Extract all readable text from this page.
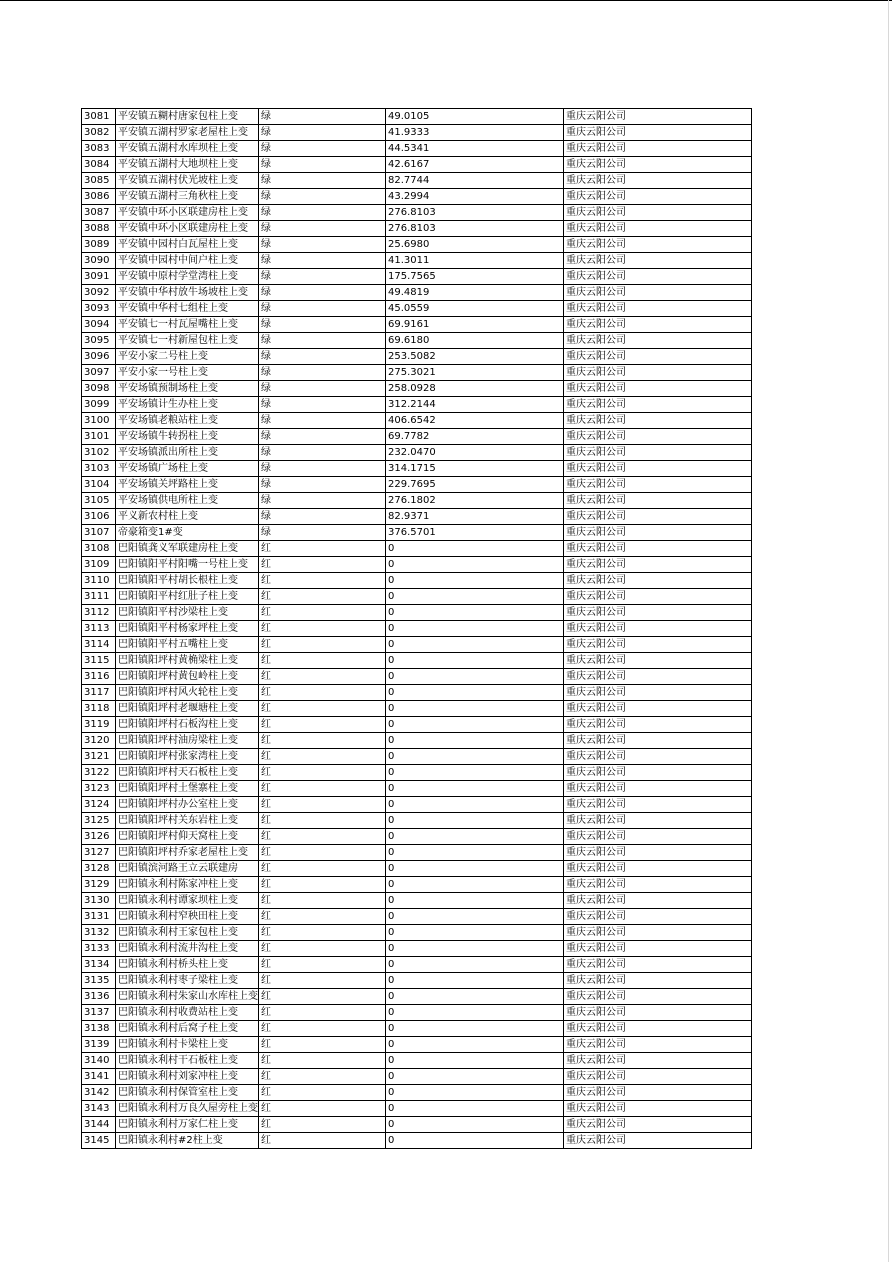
3081	平安镇五糊村唐家包柱上变	绿	49.0105	重庆云阳公司
3082	平安镇五湖村罗家老屋柱上变	绿	41.9333	重庆云阳公司
3083	平安镇五湖村水库坝柱上变	绿	44.5341	重庆云阳公司
3084	平安镇五湖村大地坝柱上变	绿	42.6167	重庆云阳公司
3085	平安镇五湖村伏光坡柱上变	绿	82.7744	重庆云阳公司
3086	平安镇五湖村三角秋柱上变	绿	43.2994	重庆云阳公司
3087	平安镇中环小区联建房柱上变	绿	276.8103	重庆云阳公司
3088	平安镇中环小区联建房柱上变	绿	276.8103	重庆云阳公司
3089	平安镇中园村白瓦屋柱上变	绿	25.6980	重庆云阳公司
3090	平安镇中园村中间户柱上变	绿	41.3011	重庆云阳公司
3091	平安镇中原村学堂湾柱上变	绿	175.7565	重庆云阳公司
3092	平安镇中华村放牛场坡柱上变	绿	49.4819	重庆云阳公司
3093	平安镇中华村七组柱上变	绿	45.0559	重庆云阳公司
3094	平安镇七一村瓦屋嘴柱上变	绿	69.9161	重庆云阳公司
3095	平安镇七一村新屋包柱上变	绿	69.6180	重庆云阳公司
3096	平安小家二号柱上变	绿	253.5082	重庆云阳公司
3097	平安小家一号柱上变	绿	275.3021	重庆云阳公司
3098	平安场镇预制场柱上变	绿	258.0928	重庆云阳公司
3099	平安场镇计生办柱上变	绿	312.2144	重庆云阳公司
3100	平安场镇老粮站柱上变	绿	406.6542	重庆云阳公司
3101	平安场镇牛转拐柱上变	绿	69.7782	重庆云阳公司
3102	平安场镇派出所柱上变	绿	232.0470	重庆云阳公司
3103	平安场镇广场柱上变	绿	314.1715	重庆云阳公司
3104	平安场镇关坪路柱上变	绿	229.7695	重庆云阳公司
3105	平安场镇供电所柱上变	绿	276.1802	重庆云阳公司
3106	平义新农村柱上变	绿	82.9371	重庆云阳公司
3107	帝豪箱变1#变	绿	376.5701	重庆云阳公司
3108	巴阳镇龚义军联建房柱上变	红	0	重庆云阳公司
3109	巴阳镇阳平村阳嘴一号柱上变	红	0	重庆云阳公司
3110	巴阳镇阳平村胡长根柱上变	红	0	重庆云阳公司
3111	巴阳镇阳平村红肚子柱上变	红	0	重庆云阳公司
3112	巴阳镇阳平村沙梁柱上变	红	0	重庆云阳公司
3113	巴阳镇阳平村杨家坪柱上变	红	0	重庆云阳公司
3114	巴阳镇阳平村五嘴柱上变	红	0	重庆云阳公司
3115	巴阳镇阳坪村黄桷梁柱上变	红	0	重庆云阳公司
3116	巴阳镇阳坪村黄包岭柱上变	红	0	重庆云阳公司
3117	巴阳镇阳坪村风火轮柱上变	红	0	重庆云阳公司
3118	巴阳镇阳坪村老堰塘柱上变	红	0	重庆云阳公司
3119	巴阳镇阳坪村石板沟柱上变	红	0	重庆云阳公司
3120	巴阳镇阳坪村油房梁柱上变	红	0	重庆云阳公司
3121	巴阳镇阳坪村张家湾柱上变	红	0	重庆云阳公司
3122	巴阳镇阳坪村天石板柱上变	红	0	重庆云阳公司
3123	巴阳镇阳坪村土堡寨柱上变	红	0	重庆云阳公司
3124	巴阳镇阳坪村办公室柱上变	红	0	重庆云阳公司
3125	巴阳镇阳坪村关东岩柱上变	红	0	重庆云阳公司
3126	巴阳镇阳坪村仰天窝柱上变	红	0	重庆云阳公司
3127	巴阳镇阳坪村乔家老屋柱上变	红	0	重庆云阳公司
3128	巴阳镇滨河路王立云联建房	红	0	重庆云阳公司
3129	巴阳镇永利村陈家冲柱上变	红	0	重庆云阳公司
3130	巴阳镇永利村谭家坝柱上变	红	0	重庆云阳公司
3131	巴阳镇永利村窄秧田柱上变	红	0	重庆云阳公司
3132	巴阳镇永利村王家包柱上变	红	0	重庆云阳公司
3133	巴阳镇永利村流井沟柱上变	红	0	重庆云阳公司
3134	巴阳镇永利村桥头柱上变	红	0	重庆云阳公司
3135	巴阳镇永利村枣子梁柱上变	红	0	重庆云阳公司
3136	巴阳镇永利村朱家山水库柱上变	红	0	重庆云阳公司
3137	巴阳镇永利村收费站柱上变	红	0	重庆云阳公司
3138	巴阳镇永利村后窝子柱上变	红	0	重庆云阳公司
3139	巴阳镇永利村卡梁柱上变	红	0	重庆云阳公司
3140	巴阳镇永利村干石板柱上变	红	0	重庆云阳公司
3141	巴阳镇永利村刘家冲柱上变	红	0	重庆云阳公司
3142	巴阳镇永利村保管室柱上变	红	0	重庆云阳公司
3143	巴阳镇永利村万良久屋旁柱上变	红	0	重庆云阳公司
3144	巴阳镇永利村万家仁柱上变	红	0	重庆云阳公司
3145	巴阳镇永利村#2柱上变	红	0	重庆云阳公司
